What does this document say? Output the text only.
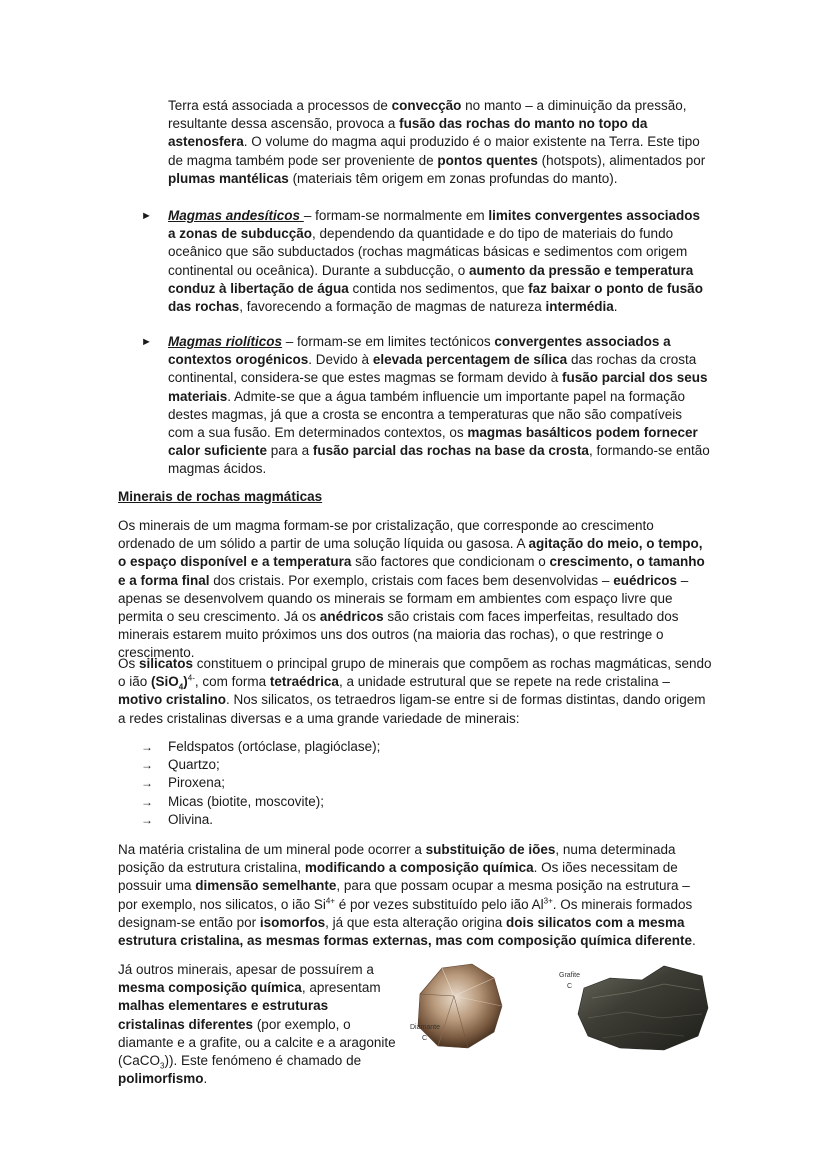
Terra está associada a processos de convecção no manto – a diminuição da pressão, resultante dessa ascensão, provoca a fusão das rochas do manto no topo da astenosfera. O volume do magma aqui produzido é o maior existente na Terra. Este tipo de magma também pode ser proveniente de pontos quentes (hotspots), alimentados por plumas mantélicas (materiais têm origem em zonas profundas do manto).

► Magmas andesíticos – formam-se normalmente em limites convergentes associados a zonas de subducção, dependendo da quantidade e do tipo de materiais do fundo oceânico que são subductados (rochas magmáticas básicas e sedimentos com origem continental ou oceânica). Durante a subducção, o aumento da pressão e temperatura conduz à libertação de água contida nos sedimentos, que faz baixar o ponto de fusão das rochas, favorecendo a formação de magmas de natureza intermédia.

► Magmas riolíticos – formam-se em limites tectónicos convergentes associados a contextos orogénicos. Devido à elevada percentagem de sílica das rochas da crosta continental, considera-se que estes magmas se formam devido à fusão parcial dos seus materiais. Admite-se que a água também influencie um importante papel na formação destes magmas, já que a crosta se encontra a temperaturas que não são compatíveis com a sua fusão. Em determinados contextos, os magmas basálticos podem fornecer calor suficiente para a fusão parcial das rochas na base da crosta, formando-se então magmas ácidos.

Minerais de rochas magmáticas

Os minerais de um magma formam-se por cristalização, que corresponde ao crescimento ordenado de um sólido a partir de uma solução líquida ou gasosa. A agitação do meio, o tempo, o espaço disponível e a temperatura são factores que condicionam o crescimento, o tamanho e a forma final dos cristais. Por exemplo, cristais com faces bem desenvolvidas – euédricos – apenas se desenvolvem quando os minerais se formam em ambientes com espaço livre que permita o seu crescimento. Já os anédricos são cristais com faces imperfeitas, resultado dos minerais estarem muito próximos uns dos outros (na maioria das rochas), o que restringe o crescimento.

Os silicatos constituem o principal grupo de minerais que compõem as rochas magmáticas, sendo o ião $(SiO_4)^{4-}$, com forma tetraédrica, a unidade estrutural que se repete na rede cristalina – motivo cristalino. Nos silicatos, os tetraedros ligam-se entre si de formas distintas, dando origem a redes cristalinas diversas e a uma grande variedade de minerais:

→ Feldspatos (ortóclase, plagióclase);
→ Quartzo;
→ Piroxena;
→ Micas (biotite, moscovite);
→ Olivina.

Na matéria cristalina de um mineral pode ocorrer a substituição de iões, numa determinada posição da estrutura cristalina, modificando a composição química. Os iões necessitam de possuir uma dimensão semelhante, para que possam ocupar a mesma posição na estrutura – por exemplo, nos silicatos, o ião $Si^{4+}$ é por vezes substituído pelo ião $Al^{3+}$. Os minerais formados designam-se então por isomorfos, já que esta alteração origina dois silicatos com a mesma estrutura cristalina, as mesmas formas externas, mas com composição química diferente.

Já outros minerais, apesar de possuírem a mesma composição química, apresentam malhas elementares e estruturas cristalinas diferentes (por exemplo, o diamante e a grafite, ou a calcite e a aragonite (CaCO$_3$)). Este fenómeno é chamado de polimorfismo.

Diamante
C
Grafite
C
